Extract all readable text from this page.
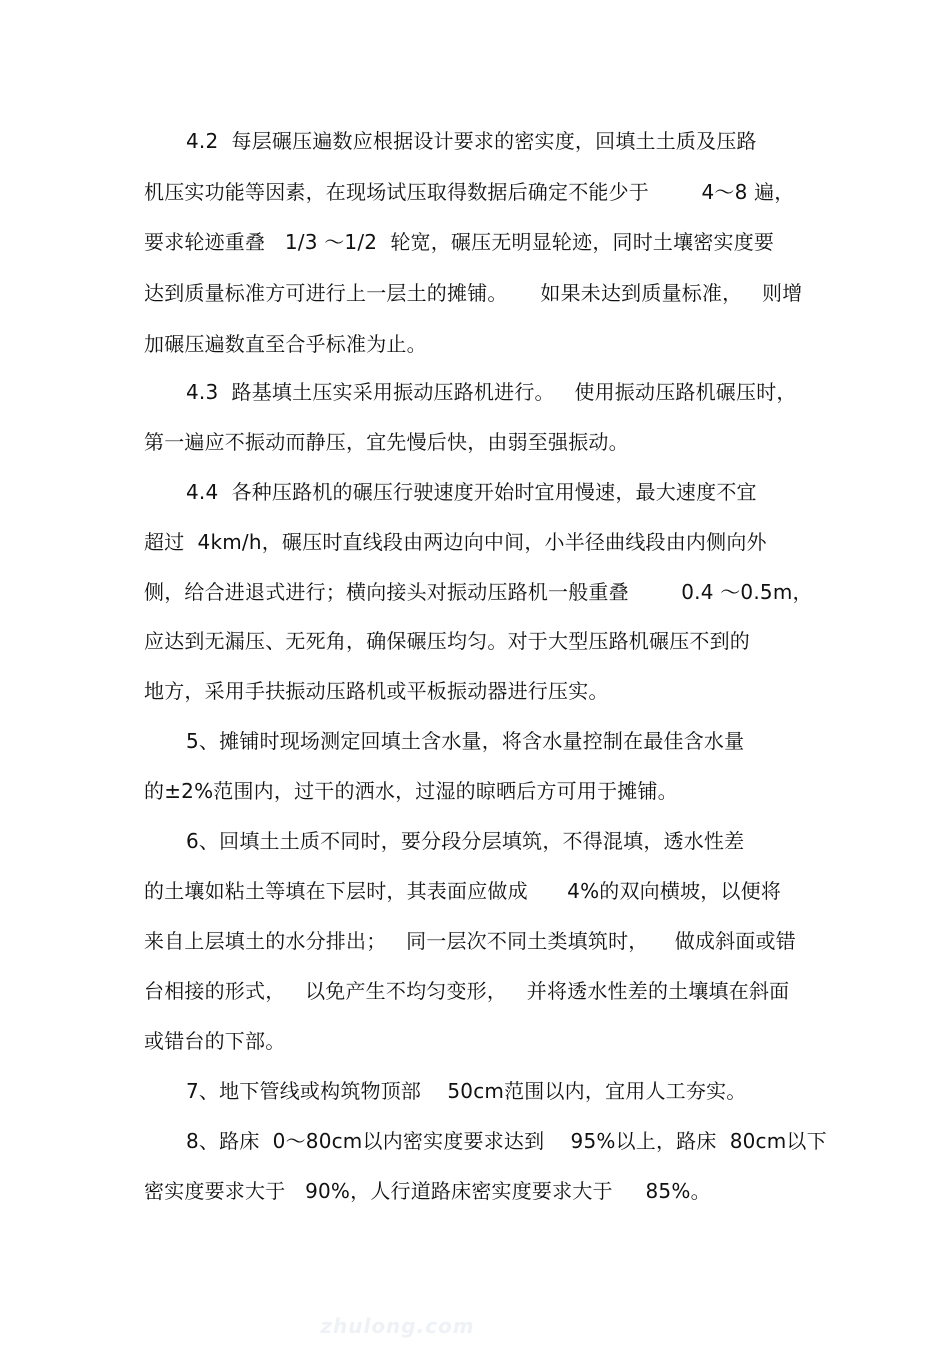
4.2  每层碾压遍数应根据设计要求的密实度，回填土土质及压路
机压实功能等因素，在现场试压取得数据后确定不能少于        4～8 遍，
要求轮迹重叠   1/3 ～1/2  轮宽，碾压无明显轮迹，同时土壤密实度要
达到质量标准方可进行上一层土的摊铺。     如果未达到质量标准，   则增
加碾压遍数直至合乎标准为止。
4.3  路基填土压实采用振动压路机进行。   使用振动压路机碾压时，
第一遍应不振动而静压，宜先慢后快，由弱至强振动。
4.4  各种压路机的碾压行驶速度开始时宜用慢速，最大速度不宜
超过  4km/h，碾压时直线段由两边向中间，小半径曲线段由内侧向外
侧，给合进退式进行；横向接头对振动压路机一般重叠        0.4 ～0.5m，
应达到无漏压、无死角，确保碾压均匀。对于大型压路机碾压不到的
地方，采用手扶振动压路机或平板振动器进行压实。
5、摊铺时现场测定回填土含水量，将含水量控制在最佳含水量
的±2%范围内，过干的洒水，过湿的晾晒后方可用于摊铺。
6、回填土土质不同时，要分段分层填筑，不得混填，透水性差
的土壤如粘土等填在下层时，其表面应做成      4%的双向横坡，以便将
来自上层填土的水分排出；   同一层次不同土类填筑时，    做成斜面或错
台相接的形式，   以免产生不均匀变形，   并将透水性差的土壤填在斜面
或错台的下部。
7、地下管线或构筑物顶部    50cm范围以内，宜用人工夯实。
8、路床  0～80cm以内密实度要求达到    95%以上，路床  80cm以下
密实度要求大于   90%，人行道路床密实度要求大于     85%。
zhulong.com
